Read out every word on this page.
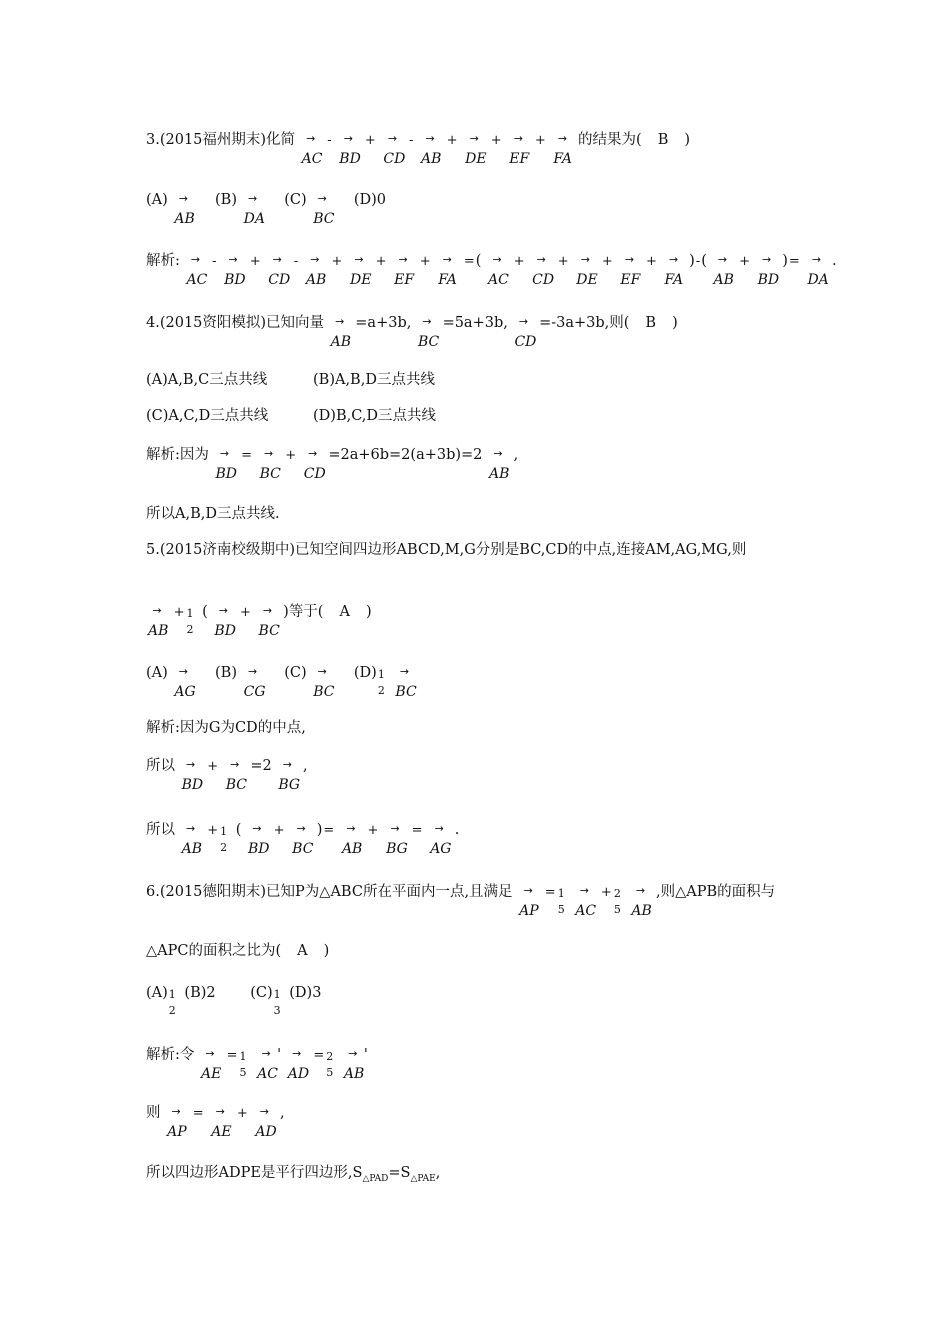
3.(2015福州期末)化简	→
AC
-	→
BD
+	→
CD
-	→
AB
+	→
DE
+	→
EF
+	→
FA
的结果为( B )
(A)	→
AB
(B)	→
DA
(C)	→
BC
(D)0
解析:	→
AC
-	→
BD
+	→
CD
-	→
AB
+	→
DE
+	→
EF
+	→
FA
=(	→
AC
+	→
CD
+	→
DE
+	→
EF
+	→
FA
)-(	→
AB
+	→
BD
)=	→
DA
.
4.(2015资阳模拟)已知向量	→
AB
=a+3b,	→
BC
=5a+3b,	→
CD
=-3a+3b,则( B )
(A)A,B,C三点共线	(B)A,B,D三点共线
(C)A,C,D三点共线	(D)B,C,D三点共线
解析:因为	→
BD
=	→
BC
+	→
CD
=2a+6b=2(a+3b)=2	→
AB
,
所以A,B,D三点共线.
5.(2015济南校级期中)已知空间四边形ABCD,M,G分别是BC,CD的中点,连接AM,AG,MG,则
→
AB
+ 1
2
(	→
BD
+	→
BC
)等于( A )
(A)	→
AG
(B)	→
CG
(C)	→
BC
(D) 1
2

→
BC
解析:因为G为CD的中点,
所以	→
BD
+	→
BC
=2	→
BG
,
所以	→
AB
+ 1
2
(	→
BD
+	→
BC
)=	→
AB
+	→
BG
=	→
AG
.
6.(2015德阳期末)已知P为△ABC所在平面内一点,且满足	→
AP
= 1
5

→
AC
+ 2
5

→
AB
,则△APB的面积与
△APC的面积之比为( A )
(A) 1
2
(B)2 (C) 1
3
(D)3
解析:令	→
AE
= 1
5

→
AC
'	→
AD
= 2
5

→
AB
'
则	→
AP
=	→
AE
+	→
AD
,
所以四边形ADPE是平行四边形$,S_{\triangle PAD}=S_{\triangle PAE}$,
